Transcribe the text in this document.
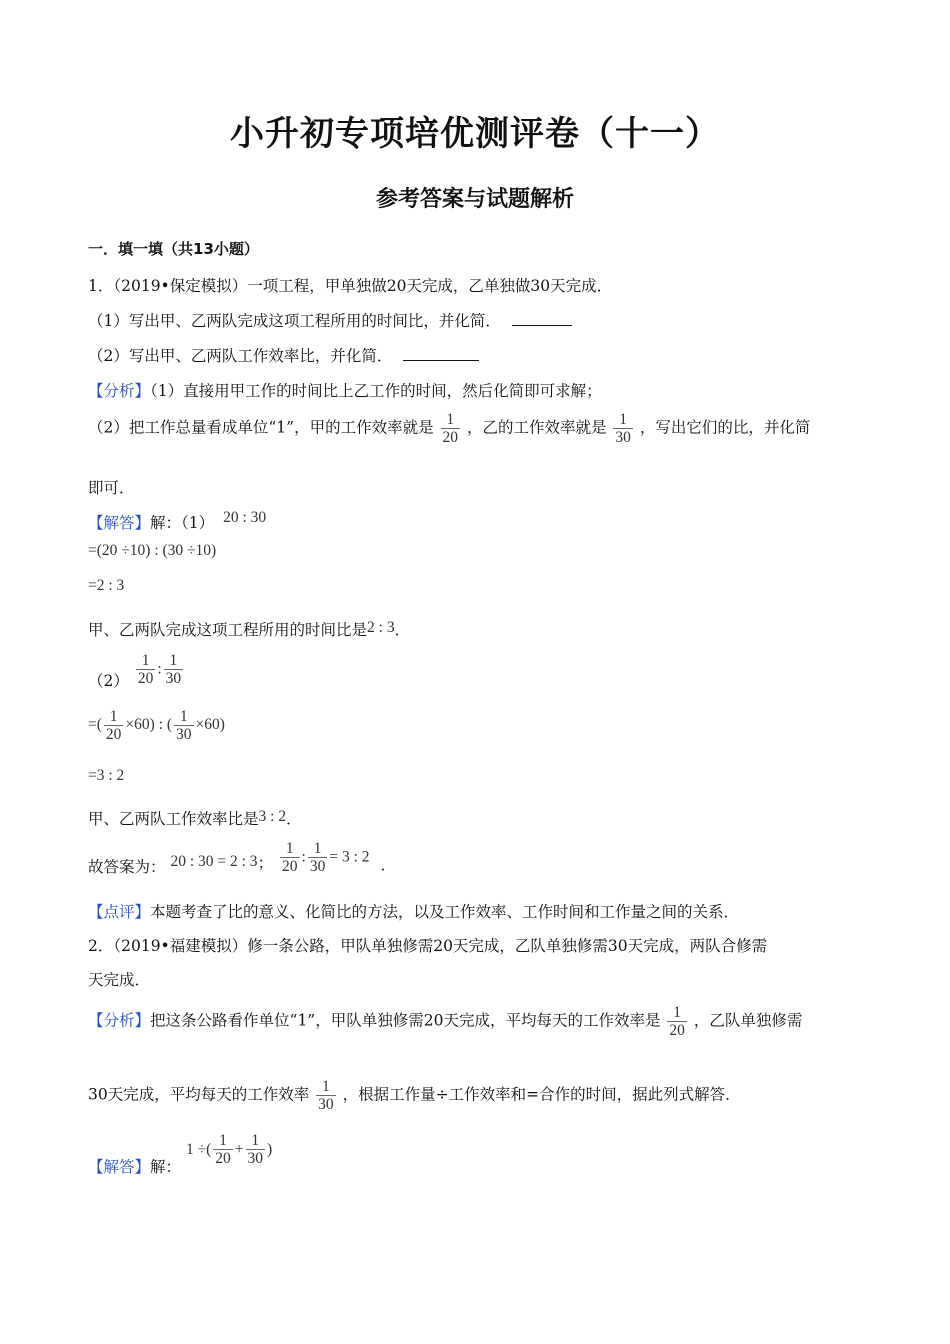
小升初专项培优测评卷（十一）
参考答案与试题解析
一．填一填（共13小题）
1．（2019•保定模拟）一项工程，甲单独做20天完成，乙单独做30天完成．
（1）写出甲、乙两队完成这项工程所用的时间比，并化简．
（2）写出甲、乙两队工作效率比，并化简．
【分析】（1）直接用甲工作的时间比上乙工作的时间，然后化简即可求解；
（2）把工作总量看成单位“1”，甲的工作效率就是 $\frac{1}{20}$ ，乙的工作效率就是 $\frac{1}{30}$ ，写出它们的比，并化简
即可．
【解答】解：（1） 20 : 30
=(20 ÷10) : (30 ÷10)
=2 : 3
甲、乙两队完成这项工程所用的时间比是2 : 3．
$(2) \frac{1}{20}$ : $\frac{1}{30}$
=( $\frac{1}{20} \times 60$) : ( $\frac{1}{30} \times 60$)
=3 : 2
甲、乙两队工作效率比是3 : 2．
故答案为： 20 : 30 = 2 : 3； $\frac{1}{20}$ : $\frac{1}{30} = 3$ : 2 ．
【点评】本题考查了比的意义、化简比的方法，以及工作效率、工作时间和工作量之间的关系．
2．（2019•福建模拟）修一条公路，甲队单独修需20天完成，乙队单独修需30天完成，两队合修需
天完成．
【分析】把这条公路看作单位“1”，甲队单独修需20天完成，平均每天的工作效率是 $\frac{1}{20}$ ，乙队单独修需
30天完成，平均每天的工作效率 $\frac{1}{30}$ ，根据工作量÷工作效率和=合作的时间，据此列式解答．
【解答】解： 1 ÷( $\frac{1}{20} + \frac{1}{30}$ )
